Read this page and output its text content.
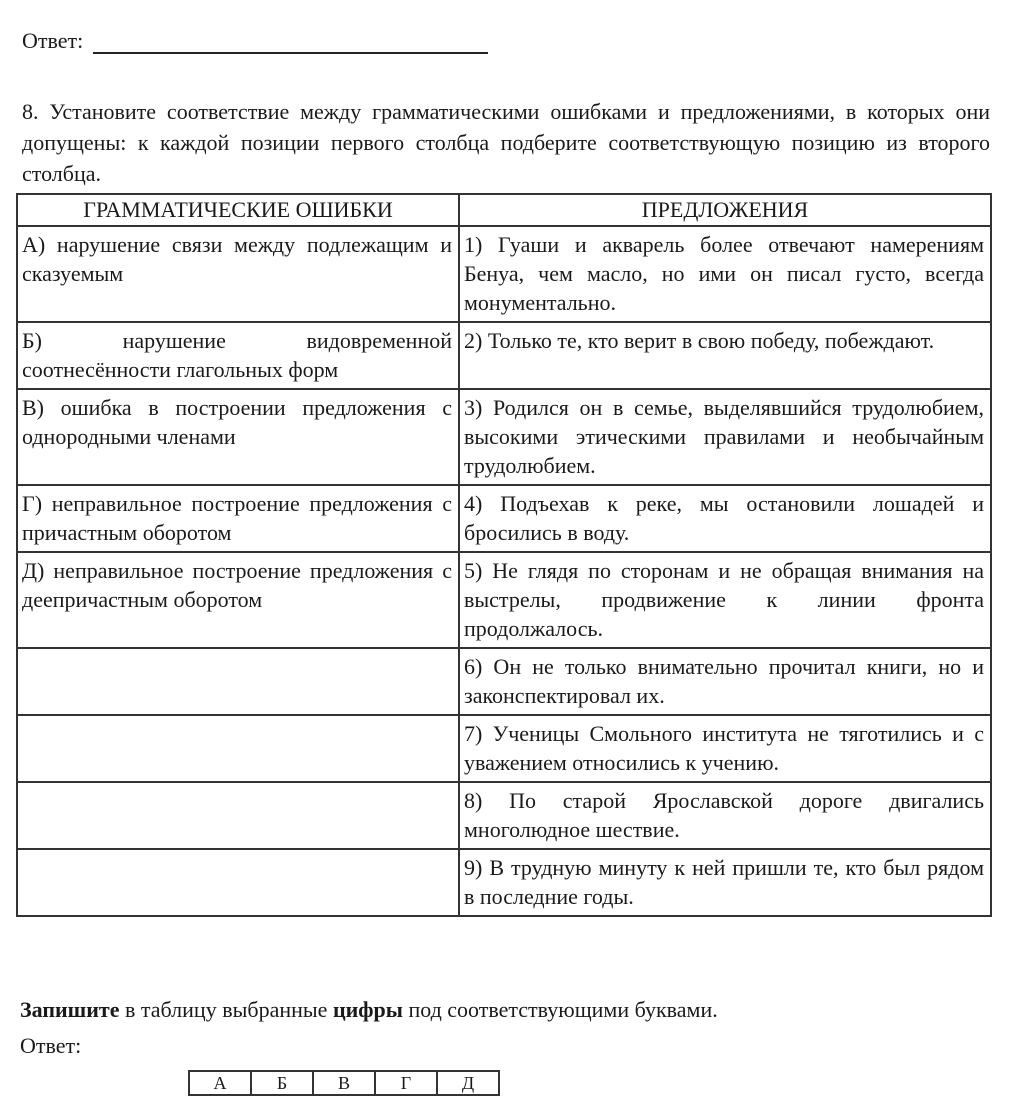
Ответ:
8. Установите соответствие между грамматическими ошибками и предложениями, в которых они допущены: к каждой позиции первого столбца подберите соответствующую позицию из второго столбца.
ГРАММАТИЧЕСКИЕ ОШИБКИ	ПРЕДЛОЖЕНИЯ
А) нарушение связи между подлежащим и сказуемым	1) Гуаши и акварель более отвечают намерениям Бенуа, чем масло, но ими он писал густо, всегда монументально.
Б) нарушение видовременной соотнесённости глагольных форм	2) Только те, кто верит в свою победу, побеждают.
В) ошибка в построении предложения с однородными членами	3) Родился он в семье, выделявшийся трудолюбием, высокими этическими правилами и необычайным трудолюбием.
Г) неправильное построение предложения с причастным оборотом	4) Подъехав к реке, мы остановили лошадей и бросились в воду.
Д) неправильное построение предложения с деепричастным оборотом	5) Не глядя по сторонам и не обращая внимания на выстрелы, продвижение к линии фронта продолжалось.
	6) Он не только внимательно прочитал книги, но и законспектировал их.
	7) Ученицы Смольного института не тяготились и с уважением относились к учению.
	8) По старой Ярославской дороге двигались многолюдное шествие.
	9) В трудную минуту к ней пришли те, кто был рядом в последние годы.
Запишите в таблицу выбранные цифры под соответствующими буквами.
Ответ:
А	Б	В	Г	Д
